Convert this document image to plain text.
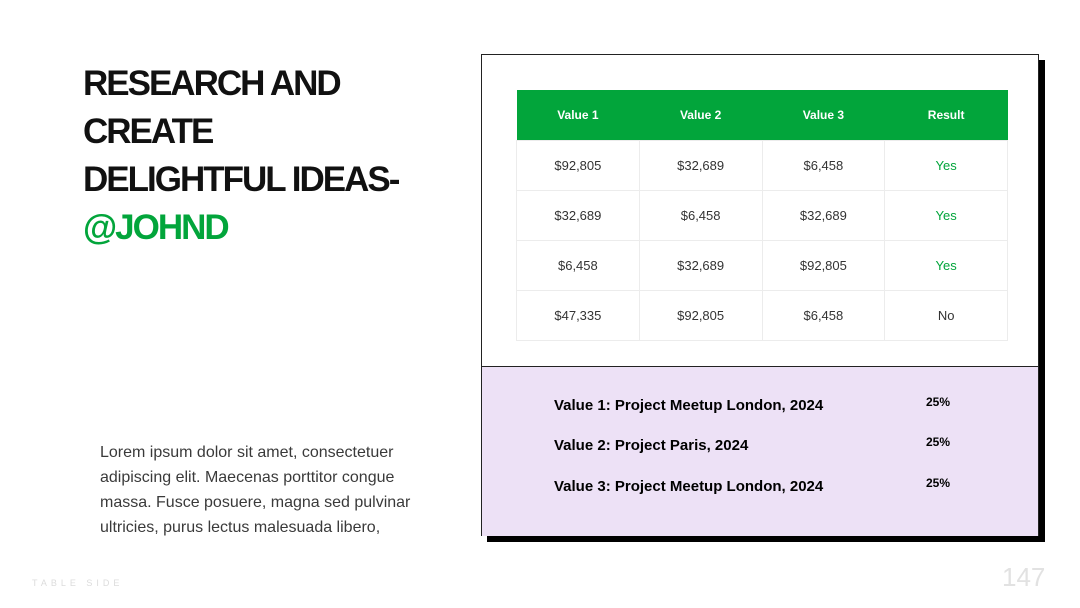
RESEARCH AND CREATE
DELIGHTFUL IDEAS-
@JOHND

Lorem ipsum dolor sit amet, consectetuer adipiscing elit. Maecenas porttitor congue massa. Fusce posuere, magna sed pulvinar ultricies, purus lectus malesuada libero,

TABLE SIDE	147
Value 1	Value 2	Value 3	Result
$92,805	$32,689	$6,458	Yes
$32,689	$6,458	$32,689	Yes
$6,458	$32,689	$92,805	Yes
$47,335	$92,805	$6,458	No
Value 1: Project Meetup London, 2024	25%
Value 2: Project Paris, 2024	25%
Value 3: Project Meetup London, 2024	25%
